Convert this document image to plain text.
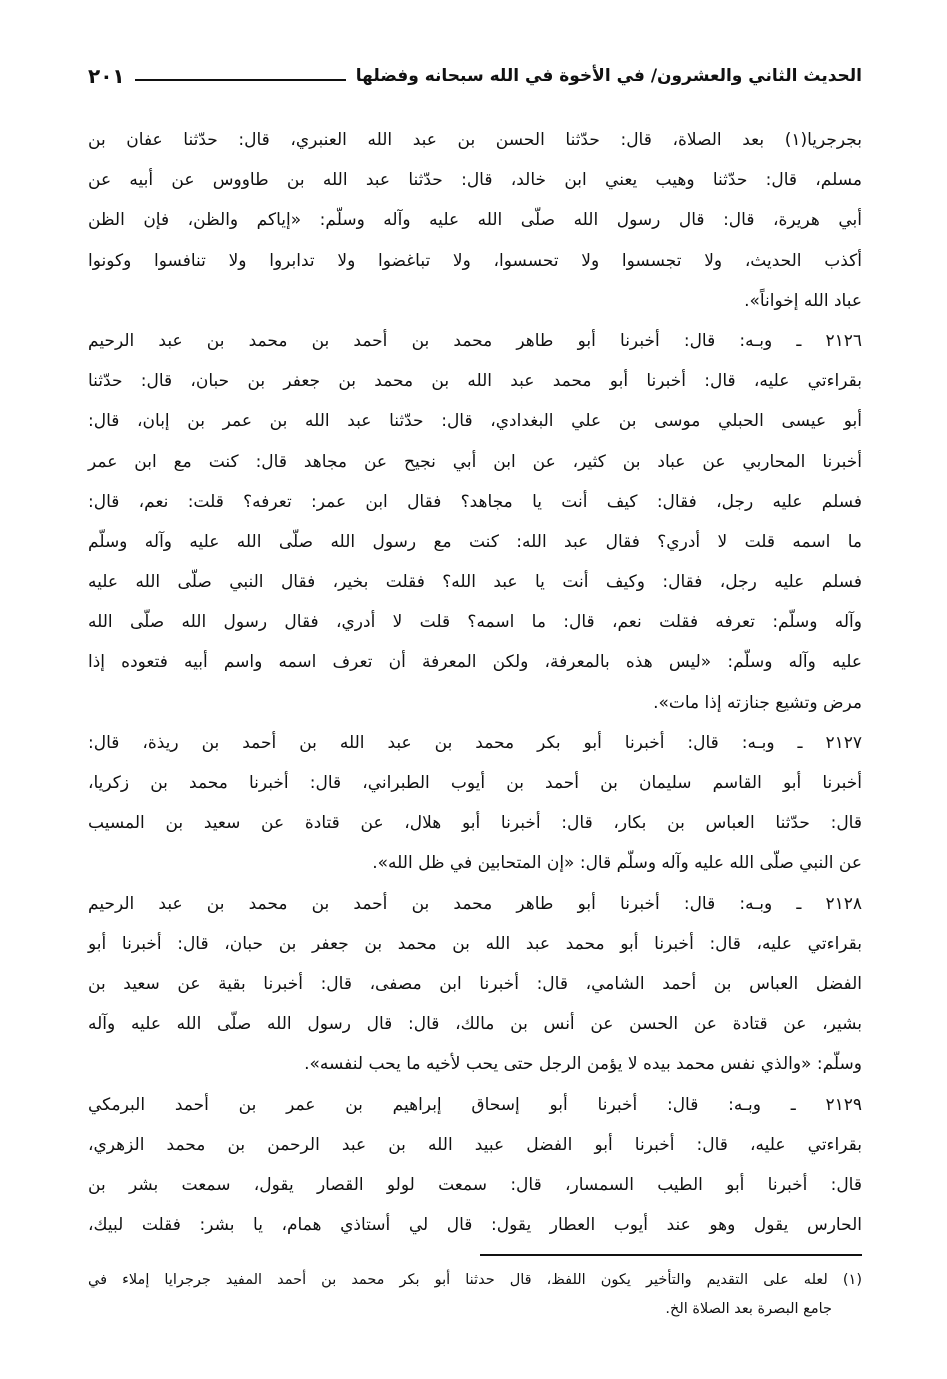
الحديث الثاني والعشرون/ في الأخوة في الله سبحانه وفضلها
٢٠١
بجرجريا(١) بعد الصلاة، قال: حدّثنا الحسن بن عبد الله العنبري، قال: حدّثنا عفان بن
مسلم، قال: حدّثنا وهيب يعني ابن خالد، قال: حدّثنا عبد الله بن طاووس عن أبيه عن
أبي هريرة، قال: قال رسول الله صلّى الله عليه وآله وسلّم: «إياكم والظن، فإن الظن
أكذب الحديث، ولا تجسسوا ولا تحسسوا، ولا تباغضوا ولا تدابروا ولا تنافسوا وكونوا
عباد الله إخواناً».
٢١٢٦ ـ وبـه: قال: أخبرنا أبو طاهر محمد بن أحمد بن محمد بن عبد الرحيم
بقراءتي عليه، قال: أخبرنا أبو محمد عبد الله بن محمد بن جعفر بن حبان، قال: حدّثنا
أبو عيسى الحبلي موسى بن علي البغدادي، قال: حدّثنا عبد الله بن عمر بن إبان، قال:
أخبرنا المحاربي عن عباد بن كثير، عن ابن أبي نجيح عن مجاهد قال: كنت مع ابن عمر
فسلم عليه رجل، فقال: كيف أنت يا مجاهد؟ فقال ابن عمر: تعرفه؟ قلت: نعم، قال:
ما اسمه قلت لا أدري؟ فقال عبد الله: كنت مع رسول الله صلّى الله عليه وآله وسلّم
فسلم عليه رجل، فقال: وكيف أنت يا عبد الله؟ فقلت بخير، فقال النبي صلّى الله عليه
وآله وسلّم: تعرفه فقلت نعم، قال: ما اسمه؟ قلت لا أدري، فقال رسول الله صلّى الله
عليه وآله وسلّم: «ليس هذه بالمعرفة، ولكن المعرفة أن تعرف اسمه واسم أبيه فتعوده إذا
مرض وتشيع جنازته إذا مات».
٢١٢٧ ـ وبـه: قال: أخبرنا أبو بكر محمد بن عبد الله بن أحمد بن ريذة، قال:
أخبرنا أبو القاسم سليمان بن أحمد بن أيوب الطبراني، قال: أخبرنا محمد بن زكريا،
قال: حدّثنا العباس بن بكار، قال: أخبرنا أبو هلال، عن قتادة عن سعيد بن المسيب
عن النبي صلّى الله عليه وآله وسلّم قال: «إن المتحابين في ظل الله».
٢١٢٨ ـ وبـه: قال: أخبرنا أبو طاهر محمد بن أحمد بن محمد بن عبد الرحيم
بقراءتي عليه، قال: أخبرنا أبو محمد عبد الله بن محمد بن جعفر بن حبان، قال: أخبرنا أبو
الفضل العباس بن أحمد الشامي، قال: أخبرنا ابن مصفى، قال: أخبرنا بقية عن سعيد بن
بشير، عن قتادة عن الحسن عن أنس بن مالك، قال: قال رسول الله صلّى الله عليه وآله
وسلّم: «والذي نفس محمد بيده لا يؤمن الرجل حتى يحب لأخيه ما يحب لنفسه».
٢١٢٩ ـ وبـه: قال: أخبرنا أبو إسحاق إبراهيم بن عمر بن أحمد البرمكي
بقراءتي عليه، قال: أخبرنا أبو الفضل عبيد الله بن عبد الرحمن بن محمد الزهري،
قال: أخبرنا أبو الطيب السمسار، قال: سمعت لولو القصار يقول، سمعت بشر بن
الحارس يقول وهو عند أيوب العطار يقول: قال لي أستاذي همام، يا بشر: فقلت لبيك،
(١) لعله على التقديم والتأخير يكون اللفظ، قال حدثنا أبو بكر محمد بن أحمد المفيد جرجرايا إملاء في
جامع البصرة بعد الصلاة الخ.
